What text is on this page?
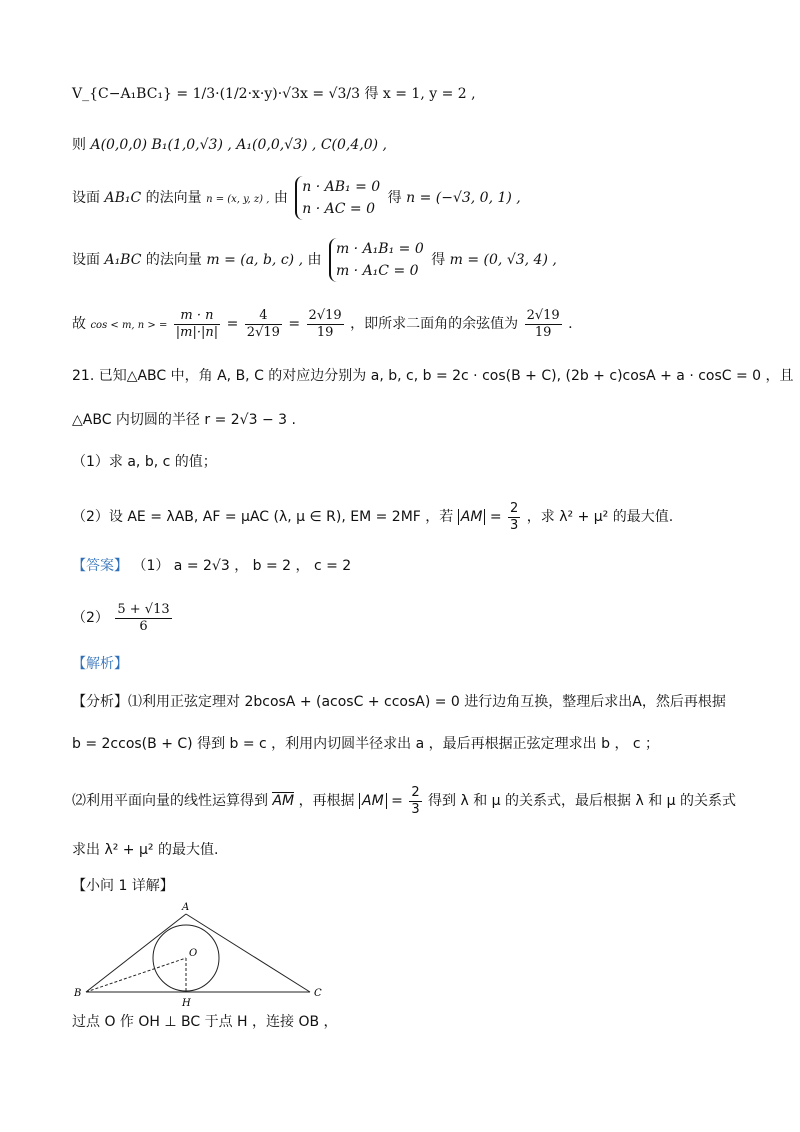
V_{C−A₁BC₁} = 1/3·(1/2·x·y)·√3x = √3/3 得 x = 1, y = 2 ,
则 A(0,0,0) B₁(1,0,√3) , A₁(0,0,√3) , C(0,4,0) ,
设面 AB₁C 的法向量 n = (x, y, z) , 由
n · AB₁ = 0
n · AC = 0
得 n = (−√3, 0, 1) ,
设面 A₁BC 的法向量 m = (a, b, c) , 由
m · A₁B₁ = 0
m · A₁C = 0
得 m = (0, √3, 4) ,
故 cos < m, n > = $\frac{m \cdot n}{|m|\cdot|n|} = \frac{4}{2√19} = \frac{2√19}{19}$ ，即所求二面角的余弦值为 $\frac{2√19}{19}$ .
21. 已知△ABC 中，角 A, B, C 的对应边分别为 a, b, c, b = 2c · cos(B + C), (2b + c)cosA + a · cosC = 0 ，且
△ABC 内切圆的半径 r = 2√3 − 3 .
（1）求 a, b, c 的值；
（2）设 AE = λAB, AF = μAC (λ, μ ∈ R), EM = 2MF ，若 AM = $\frac{2}{3}$ ，求 λ² + μ² 的最大值.
【答案】 （1） a = 2√3 ， b = 2 ， c = 2
$(2) \frac{5 + √13}{6}$
【解析】
【分析】⑴利用正弦定理对 2bcosA + (acosC + ccosA) = 0 进行边角互换，整理后求出A，然后再根据
b = 2ccos(B + C) 得到 b = c ，利用内切圆半径求出 a ，最后再根据正弦定理求出 b ， c ；
⑵利用平面向量的线性运算得到 AM ，再根据 AM = $\frac{2}{3}$ 得到 λ 和 μ 的关系式，最后根据 λ 和 μ 的关系式
求出 λ² + μ² 的最大值.
【小问 1 详解】
A
B	C
O
H
过点 O 作 OH ⊥ BC 于点 H ，连接 OB ，
